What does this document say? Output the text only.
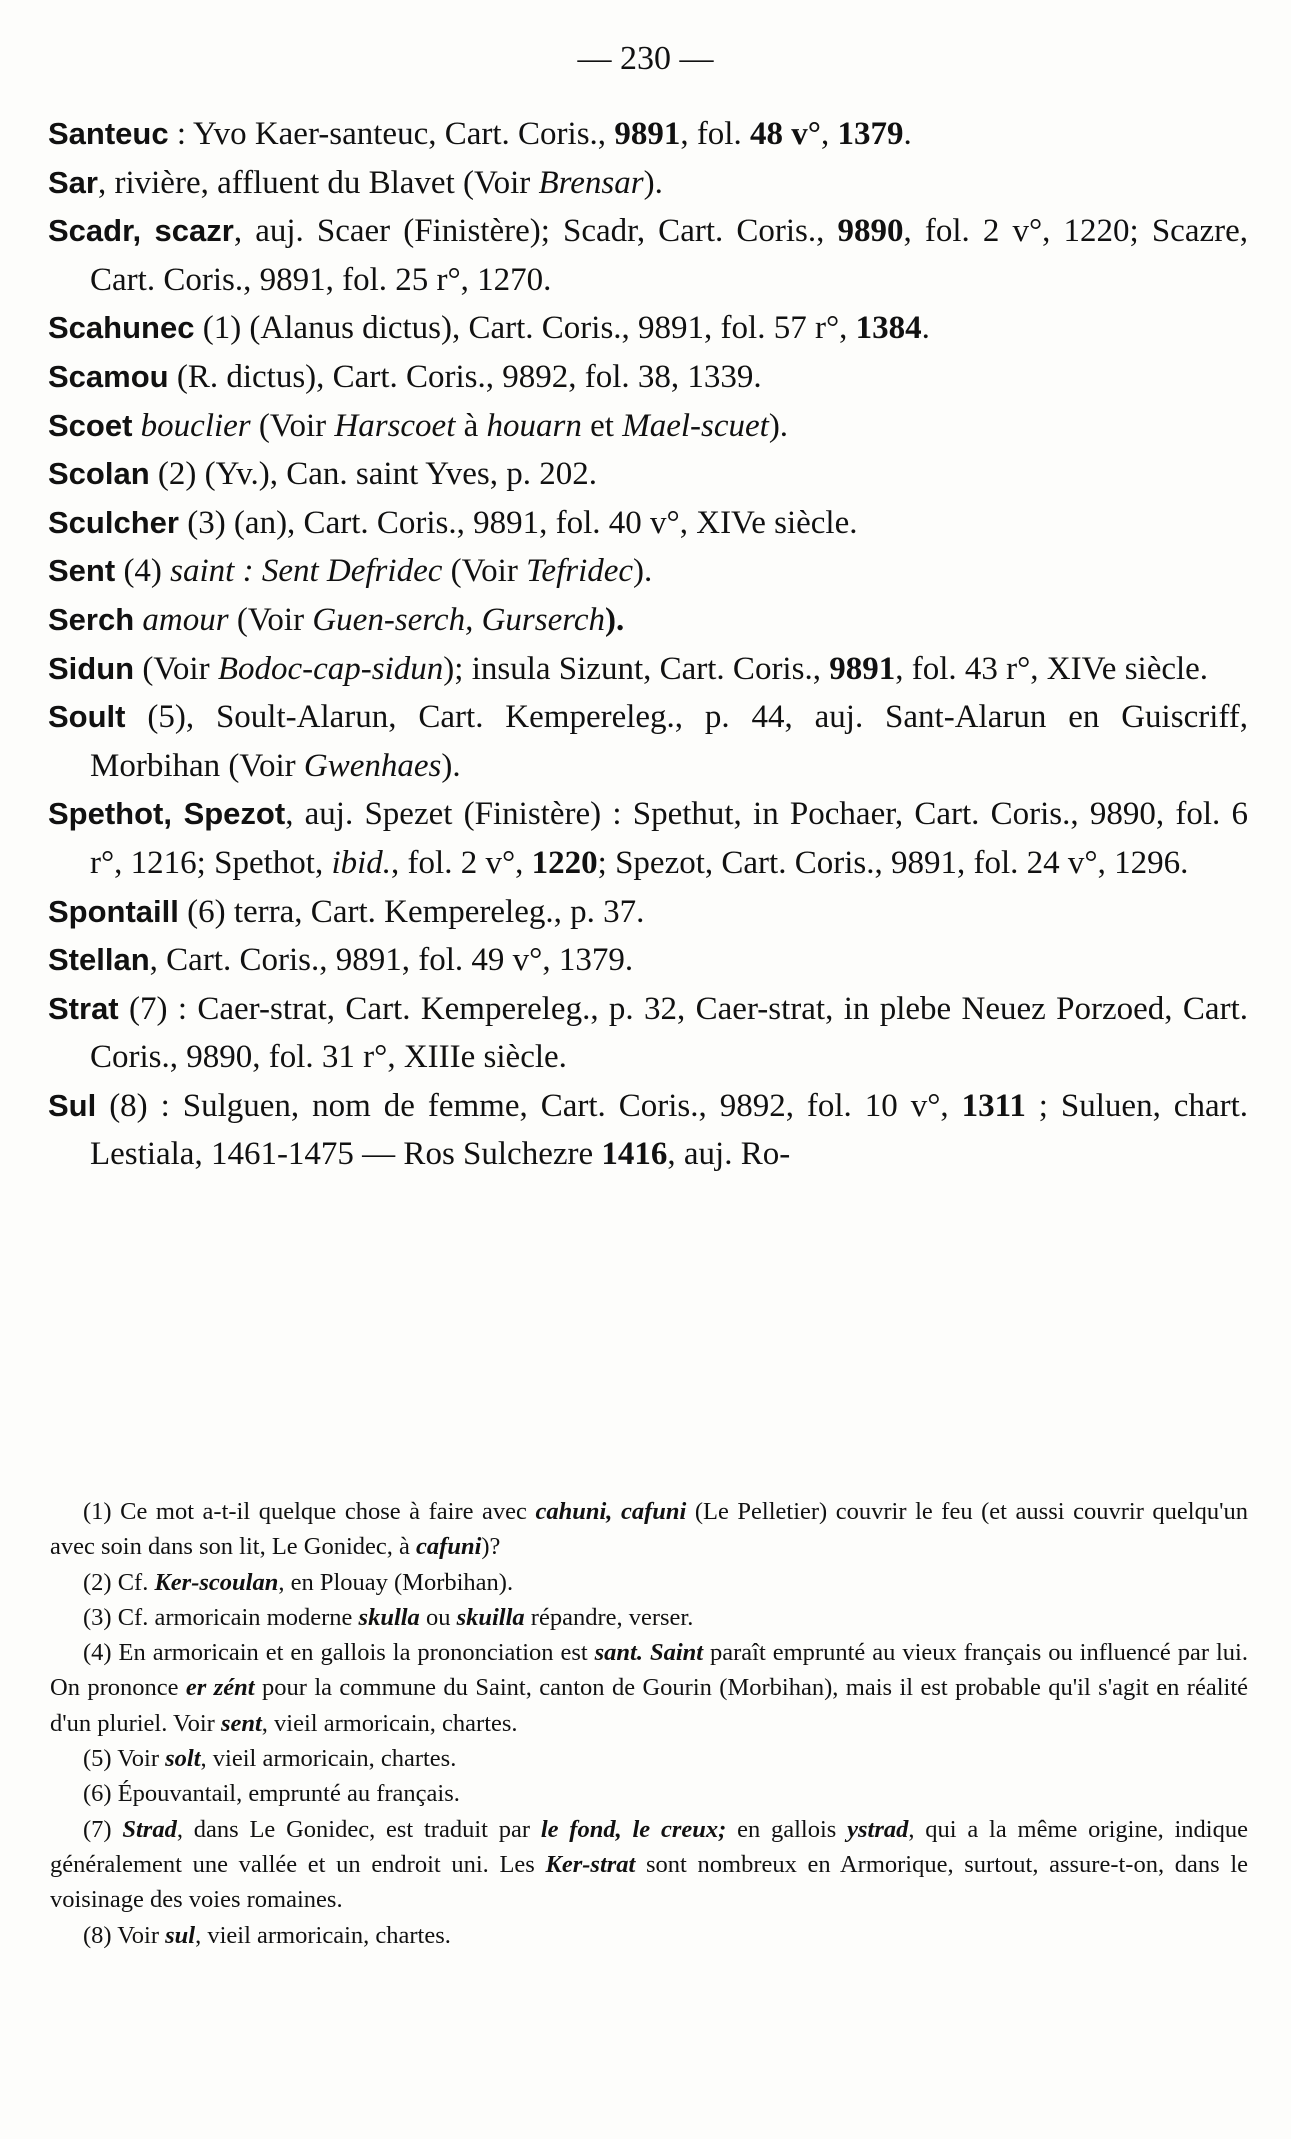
— 230 —

Santeuc : Yvo Kaer-santeuc, Cart. Coris., 9891, fol. 48 v°, 1379.

Sar, rivière, affluent du Blavet (Voir Brensar).

Scadr, scazr, auj. Scaer (Finistère); Scadr, Cart. Coris., 9890, fol. 2 v°, 1220; Scazre, Cart. Coris., 9891, fol. 25 r°, 1270.

Scahunec (1) (Alanus dictus), Cart. Coris., 9891, fol. 57 r°, 1384.

Scamou (R. dictus), Cart. Coris., 9892, fol. 38, 1339.

Scoet bouclier (Voir Harscoet à houarn et Mael-scuet).

Scolan (2) (Yv.), Can. saint Yves, p. 202.

Sculcher (3) (an), Cart. Coris., 9891, fol. 40 v°, XIVe siècle.

Sent (4) saint : Sent Defridec (Voir Tefridec).

Serch amour (Voir Guen-serch, Gurserch).

Sidun (Voir Bodoc-cap-sidun); insula Sizunt, Cart. Coris., 9891, fol. 43 r°, XIVe siècle.

Soult (5), Soult-Alarun, Cart. Kempereleg., p. 44, auj. Sant-Alarun en Guiscriff, Morbihan (Voir Gwenhaes).

Spethot, Spezot, auj. Spezet (Finistère) : Spethut, in Pochaer, Cart. Coris., 9890, fol. 6 r°, 1216; Spethot, ibid., fol. 2 v°, 1220; Spezot, Cart. Coris., 9891, fol. 24 v°, 1296.

Spontaill (6) terra, Cart. Kempereleg., p. 37.

Stellan, Cart. Coris., 9891, fol. 49 v°, 1379.

Strat (7) : Caer-strat, Cart. Kempereleg., p. 32, Caer-strat, in plebe Neuez Porzoed, Cart. Coris., 9890, fol. 31 r°, XIIIe siècle.

Sul (8) : Sulguen, nom de femme, Cart. Coris., 9892, fol. 10 v°, 1311 ; Suluen, chart. Lestiala, 1461-1475 — Ros Sulchezre 1416, auj. Ro-

(1) Ce mot a-t-il quelque chose à faire avec cahuni, cafuni (Le Pelletier) couvrir le feu (et aussi couvrir quelqu'un avec soin dans son lit, Le Gonidec, à cafuni)?

(2) Cf. Ker-scoulan, en Plouay (Morbihan).

(3) Cf. armoricain moderne skulla ou skuilla répandre, verser.

(4) En armoricain et en gallois la prononciation est sant. Saint paraît emprunté au vieux français ou influencé par lui. On prononce er zént pour la commune du Saint, canton de Gourin (Morbihan), mais il est probable qu'il s'agit en réalité d'un pluriel. Voir sent, vieil armoricain, chartes.

(5) Voir solt, vieil armoricain, chartes.

(6) Épouvantail, emprunté au français.

(7) Strad, dans Le Gonidec, est traduit par le fond, le creux; en gallois ystrad, qui a la même origine, indique généralement une vallée et un endroit uni. Les Ker-strat sont nombreux en Armorique, surtout, assure-t-on, dans le voisinage des voies romaines.

(8) Voir sul, vieil armoricain, chartes.
